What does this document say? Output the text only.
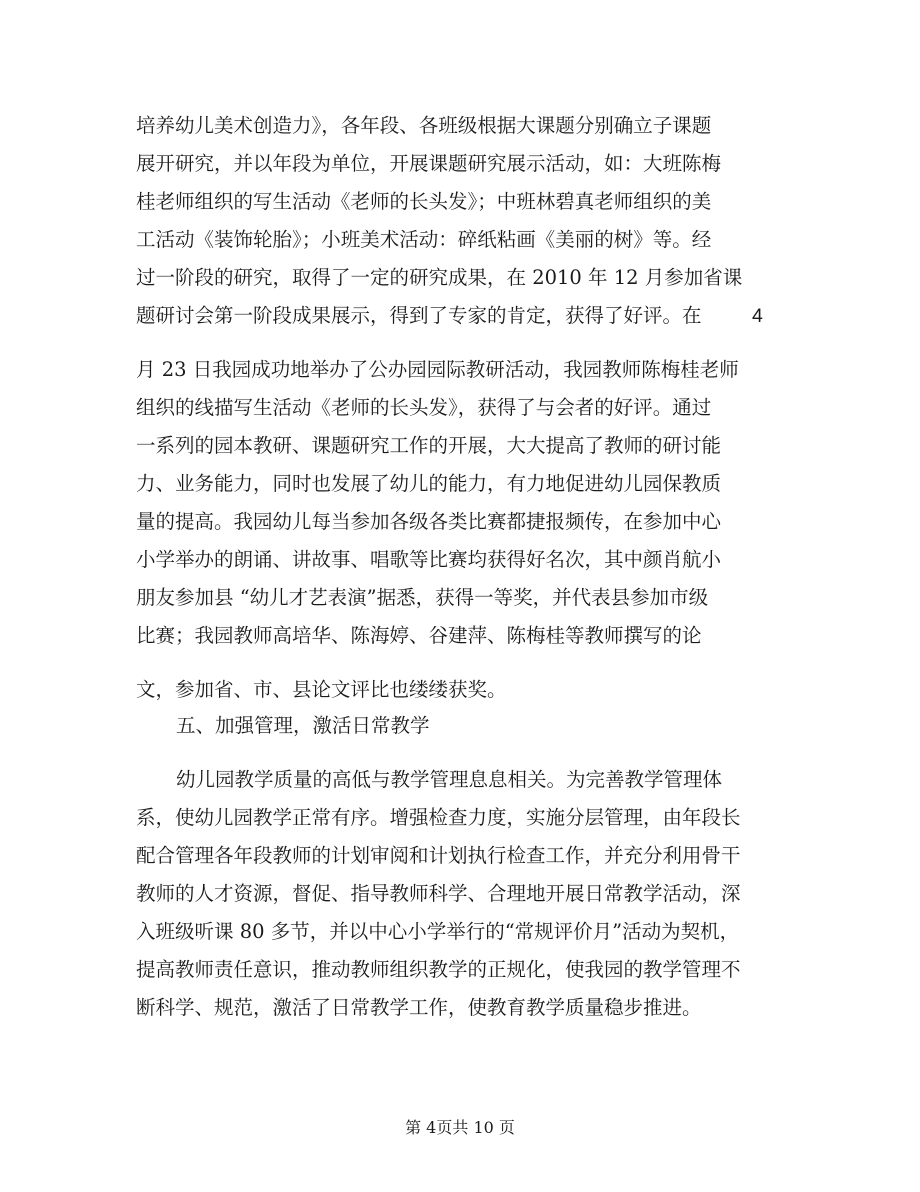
培养幼儿美术创造力》，各年段、各班级根据大课题分别确立子课题
展开研究，并以年段为单位，开展课题研究展示活动，如：大班陈梅
桂老师组织的写生活动《老师的长头发》；中班林碧真老师组织的美
工活动《装饰轮胎》；小班美术活动：碎纸粘画《美丽的树》等。经
过一阶段的研究，取得了一定的研究成果，在 2010 年 12 月参加省课
题研讨会第一阶段成果展示，得到了专家的肯定，获得了好评。在	4
月 23 日我园成功地举办了公办园园际教研活动，我园教师陈梅桂老师
组织的线描写生活动《老师的长头发》，获得了与会者的好评。通过
一系列的园本教研、课题研究工作的开展，大大提高了教师的研讨能
力、业务能力，同时也发展了幼儿的能力，有力地促进幼儿园保教质
量的提高。我园幼儿每当参加各级各类比赛都捷报频传，在参加中心
小学举办的朗诵、讲故事、唱歌等比赛均获得好名次，其中颜肖航小
朋友参加县 “幼儿才艺表演”据悉，获得一等奖，并代表县参加市级
比赛；我园教师高培华、陈海婷、谷建萍、陈梅桂等教师撰写的论
文，参加省、市、县论文评比也缕缕获奖。
五、加强管理，激活日常教学
幼儿园教学质量的高低与教学管理息息相关。为完善教学管理体
系，使幼儿园教学正常有序。增强检查力度，实施分层管理，由年段长
配合管理各年段教师的计划审阅和计划执行检查工作，并充分利用骨干
教师的人才资源，督促、指导教师科学、合理地开展日常教学活动，深
入班级听课 80 多节，并以中心小学举行的“常规评价月”活动为契机，
提高教师责任意识，推动教师组织教学的正规化，使我园的教学管理不
断科学、规范，激活了日常教学工作，使教育教学质量稳步推进。
第 4页共 10 页
